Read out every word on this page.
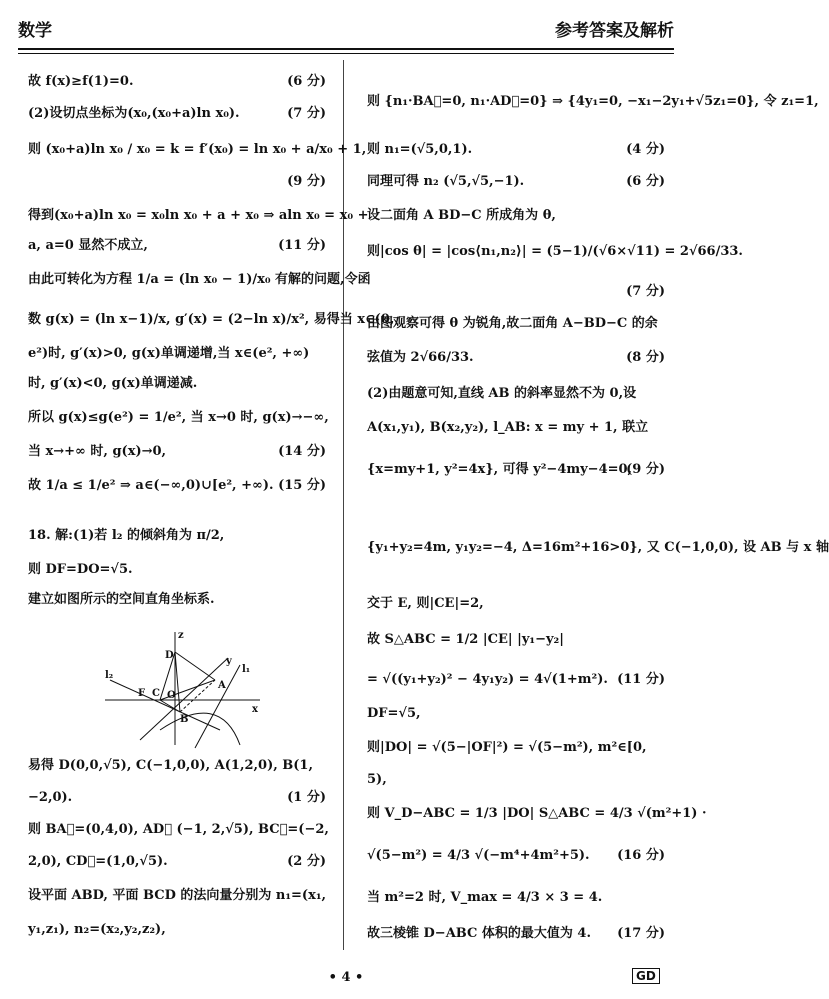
数学	参考答案及解析
故 f(x)≥f(1)=0.	(6 分)
(2)设切点坐标为(x₀,(x₀+a)ln x₀).	(7 分)
则 (x₀+a)ln x₀ / x₀ = k = f′(x₀) = ln x₀ + a/x₀ + 1,
(9 分)
得到(x₀+a)ln x₀ = x₀ln x₀ + a + x₀ ⇒ aln x₀ = x₀ +
a, a=0 显然不成立,	(11 分)
由此可转化为方程 1/a = (ln x₀ − 1)/x₀ 有解的问题,令函
数 g(x) = (ln x−1)/x, g′(x) = (2−ln x)/x², 易得当 x∈(0,
e²)时, g′(x)>0, g(x)单调递增,当 x∈(e², +∞)
时, g′(x)<0, g(x)单调递减.
所以 g(x)≤g(e²) = 1/e², 当 x→0 时, g(x)→−∞,
当 x→+∞ 时, g(x)→0,	(14 分)
故 1/a ≤ 1/e² ⇒ a∈(−∞,0)∪[e², +∞). (15 分)
18. 解:(1)若 l₂ 的倾斜角为 π/2,
则 DF=DO=√5.
建立如图所示的空间直角坐标系.
易得 D(0,0,√5), C(−1,0,0), A(1,2,0), B(1,
−2,0).	(1 分)
则 BA⃗=(0,4,0), AD⃗ (−1, 2,√5), BC⃗=(−2,
2,0), CD⃗=(1,0,√5).	(2 分)
设平面 ABD, 平面 BCD 的法向量分别为 n₁=(x₁,
y₁,z₁), n₂=(x₂,y₂,z₂),
则 {n₁·BA⃗=0, n₁·AD⃗=0} ⇒ {4y₁=0, −x₁−2y₁+√5z₁=0}, 令 z₁=1,
则 n₁=(√5,0,1).	(4 分)
同理可得 n₂ (√5,√5,−1).	(6 分)
设二面角 A BD−C 所成角为 θ,
则|cos θ| = |cos⟨n₁,n₂⟩| = (5−1)/(√6×√11) = 2√66/33.
(7 分)
由图观察可得 θ 为锐角,故二面角 A−BD−C 的余
弦值为 2√66/33.	(8 分)
(2)由题意可知,直线 AB 的斜率显然不为 0,设
A(x₁,y₁), B(x₂,y₂), l_AB: x = my + 1, 联立
{x=my+1, y²=4x}, 可得 y²−4my−4=0,
(9 分)
{y₁+y₂=4m, y₁y₂=−4, Δ=16m²+16>0}, 又 C(−1,0,0), 设 AB 与 x 轴
交于 E, 则|CE|=2,
故 S△ABC = 1/2 |CE| |y₁−y₂|
= √((y₁+y₂)² − 4y₁y₂) = 4√(1+m²). (11 分)
DF=√5,
则|DO| = √(5−|OF|²) = √(5−m²), m²∈[0,
5),
则 V_D−ABC = 1/3 |DO| S△ABC = 4/3 √(m²+1) ·
√(5−m²) = 4/3 √(−m⁴+4m²+5). (16 分)
当 m²=2 时, V_max = 4/3 × 3 = 4.
故三棱锥 D−ABC 体积的最大值为 4. (17 分)
z
y
x
D
C
F O
A
B
l₁
l₂
• 4 •	GD
